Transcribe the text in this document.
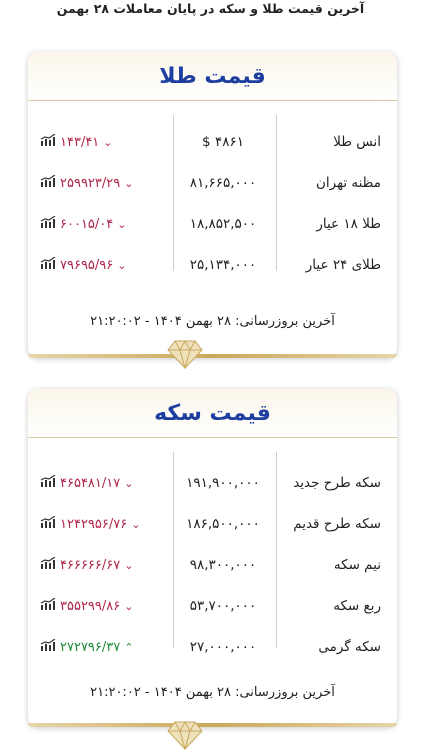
آخرین قیمت طلا و سکه در پایان معاملات ۲۸ بهمن
قیمت طلا
انس طلا
۴۸۶۱ $
۱۴۳/۴۱ ⌄
مظنه تهران
۸۱,۶۶۵,۰۰۰
۲۵۹۹۲۳/۲۹ ⌄
طلا ۱۸ عیار
۱۸,۸۵۲,۵۰۰
۶۰۰۱۵/۰۴ ⌄
طلای ۲۴ عیار
۲۵,۱۳۴,۰۰۰
۷۹۶۹۵/۹۶ ⌄
آخرین بروزرسانی: ۲۸ بهمن ۱۴۰۴ - ۲۱:۲۰:۰۲
قیمت سکه
سکه طرح جدید
۱۹۱,۹۰۰,۰۰۰
۴۶۵۴۸۱/۱۷ ⌄
سکه طرح قدیم
۱۸۶,۵۰۰,۰۰۰
۱۲۴۲۹۵۶/۷۶ ⌄
نیم سکه
۹۸,۳۰۰,۰۰۰
۴۶۶۶۶۶/۶۷ ⌄
ربع سکه
۵۳,۷۰۰,۰۰۰
۳۵۵۲۹۹/۸۶ ⌄
سکه گرمی
۲۷,۰۰۰,۰۰۰
۲۷۲۷۹۶/۳۷ ⌃
آخرین بروزرسانی: ۲۸ بهمن ۱۴۰۴ - ۲۱:۲۰:۰۲
